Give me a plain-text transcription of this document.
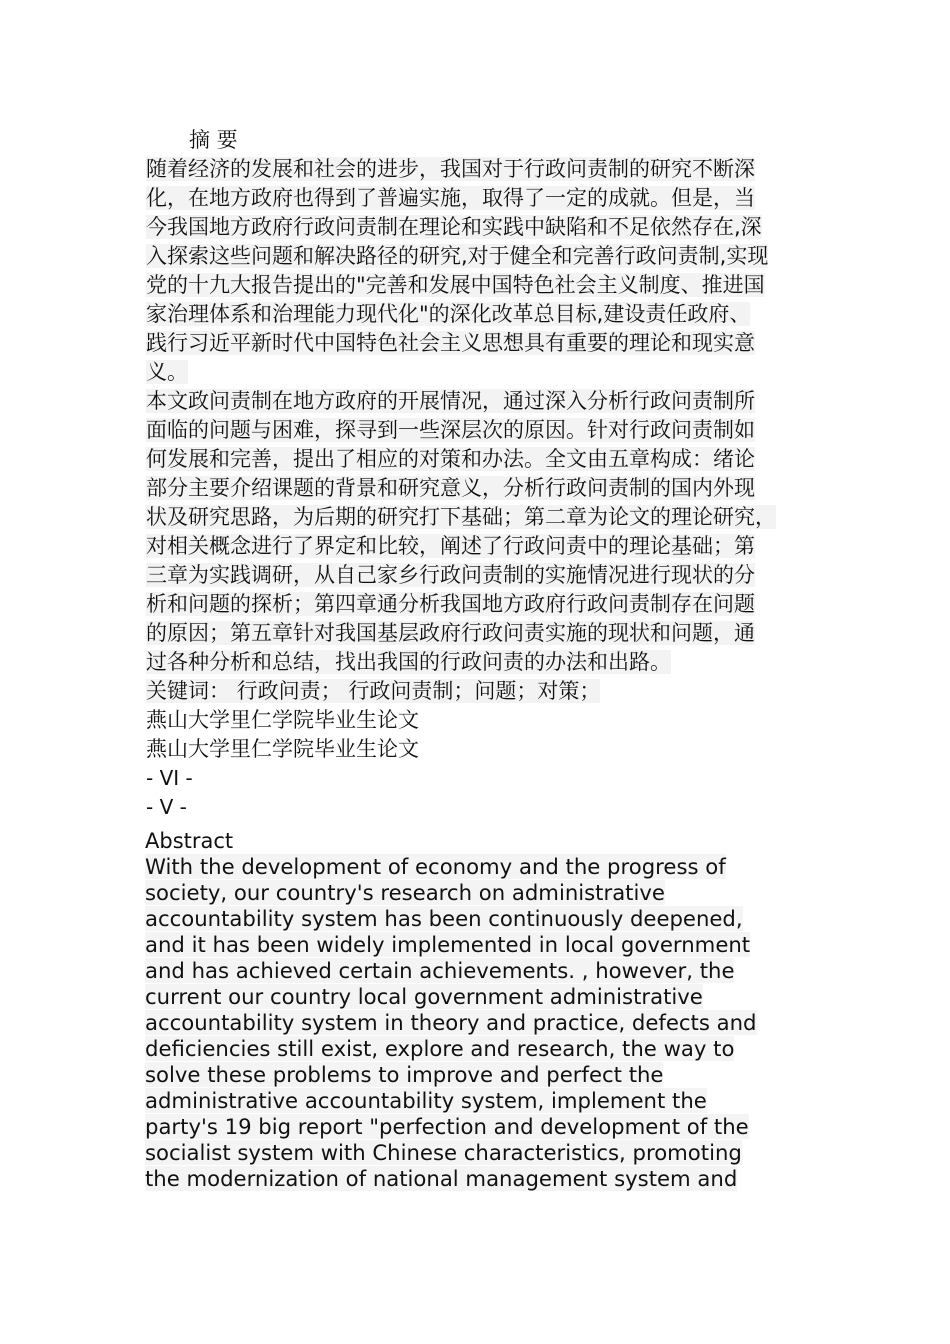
摘 要
随着经济的发展和社会的进步，我国对于行政问责制的研究不断深
化，在地方政府也得到了普遍实施，取得了一定的成就。但是，当
今我国地方政府行政问责制在理论和实践中缺陷和不足依然存在,深
入探索这些问题和解决路径的研究,对于健全和完善行政问责制,实现
党的十九大报告提出的"完善和发展中国特色社会主义制度、推进国
家治理体系和治理能力现代化"的深化改革总目标,建设责任政府、
践行习近平新时代中国特色社会主义思想具有重要的理论和现实意
义。
本文政问责制在地方政府的开展情况，通过深入分析行政问责制所
面临的问题与困难，探寻到一些深层次的原因。针对行政问责制如
何发展和完善，提出了相应的对策和办法。全文由五章构成：绪论
部分主要介绍课题的背景和研究意义，分析行政问责制的国内外现
状及研究思路，为后期的研究打下基础；第二章为论文的理论研究，
对相关概念进行了界定和比较，阐述了行政问责中的理论基础；第
三章为实践调研，从自己家乡行政问责制的实施情况进行现状的分
析和问题的探析；第四章通分析我国地方政府行政问责制存在问题
的原因；第五章针对我国基层政府行政问责实施的现状和问题，通
过各种分析和总结，找出我国的行政问责的办法和出路。
关键词： 行政问责； 行政问责制；问题；对策；
燕山大学里仁学院毕业生论文
燕山大学里仁学院毕业生论文
- VI -
- V -
Abstract
With the development of economy and the progress of
society, our country's research on administrative
accountability system has been continuously deepened,
and it has been widely implemented in local government
and has achieved certain achievements. , however, the
current our country local government administrative
accountability system in theory and practice, defects and
deficiencies still exist, explore and research, the way to
solve these problems to improve and perfect the
administrative accountability system, implement the
party's 19 big report "perfection and development of the
socialist system with Chinese characteristics, promoting
the modernization of national management system and
